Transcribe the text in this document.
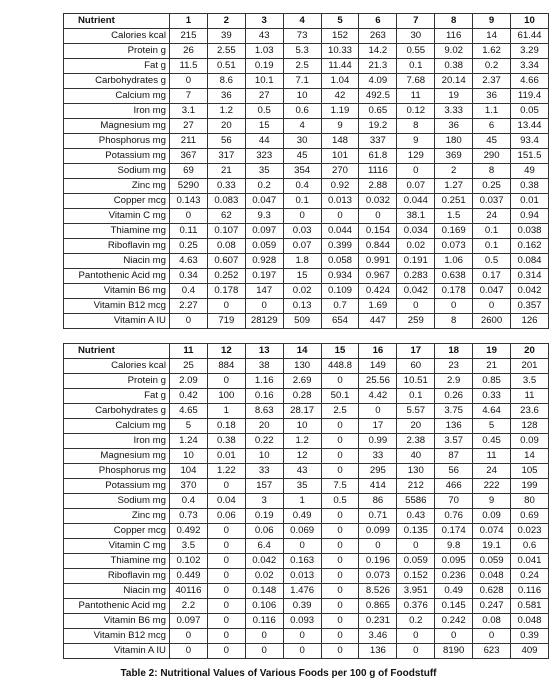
Nutrient	1	2	3	4	5	6	7	8	9	10
Calories kcal	215	39	43	73	152	263	30	116	14	61.44
Protein g	26	2.55	1.03	5.3	10.33	14.2	0.55	9.02	1.62	3.29
Fat g	11.5	0.51	0.19	2.5	11.44	21.3	0.1	0.38	0.2	3.34
Carbohydrates g	0	8.6	10.1	7.1	1.04	4.09	7.68	20.14	2.37	4.66
Calcium mg	7	36	27	10	42	492.5	11	19	36	119.4
Iron mg	3.1	1.2	0.5	0.6	1.19	0.65	0.12	3.33	1.1	0.05
Magnesium mg	27	20	15	4	9	19.2	8	36	6	13.44
Phosphorus mg	211	56	44	30	148	337	9	180	45	93.4
Potassium mg	367	317	323	45	101	61.8	129	369	290	151.5
Sodium mg	69	21	35	354	270	1116	0	2	8	49
Zinc mg	5290	0.33	0.2	0.4	0.92	2.88	0.07	1.27	0.25	0.38
Copper mcg	0.143	0.083	0.047	0.1	0.013	0.032	0.044	0.251	0.037	0.01
Vitamin C mg	0	62	9.3	0	0	0	38.1	1.5	24	0.94
Thiamine mg	0.11	0.107	0.097	0.03	0.044	0.154	0.034	0.169	0.1	0.038
Riboflavin mg	0.25	0.08	0.059	0.07	0.399	0.844	0.02	0.073	0.1	0.162
Niacin mg	4.63	0.607	0.928	1.8	0.058	0.991	0.191	1.06	0.5	0.084
Pantothenic Acid mg	0.34	0.252	0.197	15	0.934	0.967	0.283	0.638	0.17	0.314
Vitamin B6 mg	0.4	0.178	147	0.02	0.109	0.424	0.042	0.178	0.047	0.042
Vitamin B12 mcg	2.27	0	0	0.13	0.7	1.69	0	0	0	0.357
Vitamin A IU	0	719	28129	509	654	447	259	8	2600	126
Nutrient	11	12	13	14	15	16	17	18	19	20
Calories kcal	25	884	38	130	448.8	149	60	23	21	201
Protein g	2.09	0	1.16	2.69	0	25.56	10.51	2.9	0.85	3.5
Fat g	0.42	100	0.16	0.28	50.1	4.42	0.1	0.26	0.33	11
Carbohydrates g	4.65	1	8.63	28.17	2.5	0	5.57	3.75	4.64	23.6
Calcium mg	5	0.18	20	10	0	17	20	136	5	128
Iron mg	1.24	0.38	0.22	1.2	0	0.99	2.38	3.57	0.45	0.09
Magnesium mg	10	0.01	10	12	0	33	40	87	11	14
Phosphorus mg	104	1.22	33	43	0	295	130	56	24	105
Potassium mg	370	0	157	35	7.5	414	212	466	222	199
Sodium mg	0.4	0.04	3	1	0.5	86	5586	70	9	80
Zinc mg	0.73	0.06	0.19	0.49	0	0.71	0.43	0.76	0.09	0.69
Copper mcg	0.492	0	0.06	0.069	0	0.099	0.135	0.174	0.074	0.023
Vitamin C mg	3.5	0	6.4	0	0	0	0	9.8	19.1	0.6
Thiamine mg	0.102	0	0.042	0.163	0	0.196	0.059	0.095	0.059	0.041
Riboflavin mg	0.449	0	0.02	0.013	0	0.073	0.152	0.236	0.048	0.24
Niacin mg	40116	0	0.148	1.476	0	8.526	3.951	0.49	0.628	0.116
Pantothenic Acid mg	2.2	0	0.106	0.39	0	0.865	0.376	0.145	0.247	0.581
Vitamin B6 mg	0.097	0	0.116	0.093	0	0.231	0.2	0.242	0.08	0.048
Vitamin B12 mcg	0	0	0	0	0	3.46	0	0	0	0.39
Vitamin A IU	0	0	0	0	0	136	0	8190	623	409
Table 2: Nutritional Values of Various Foods per 100 g of Foodstuff
